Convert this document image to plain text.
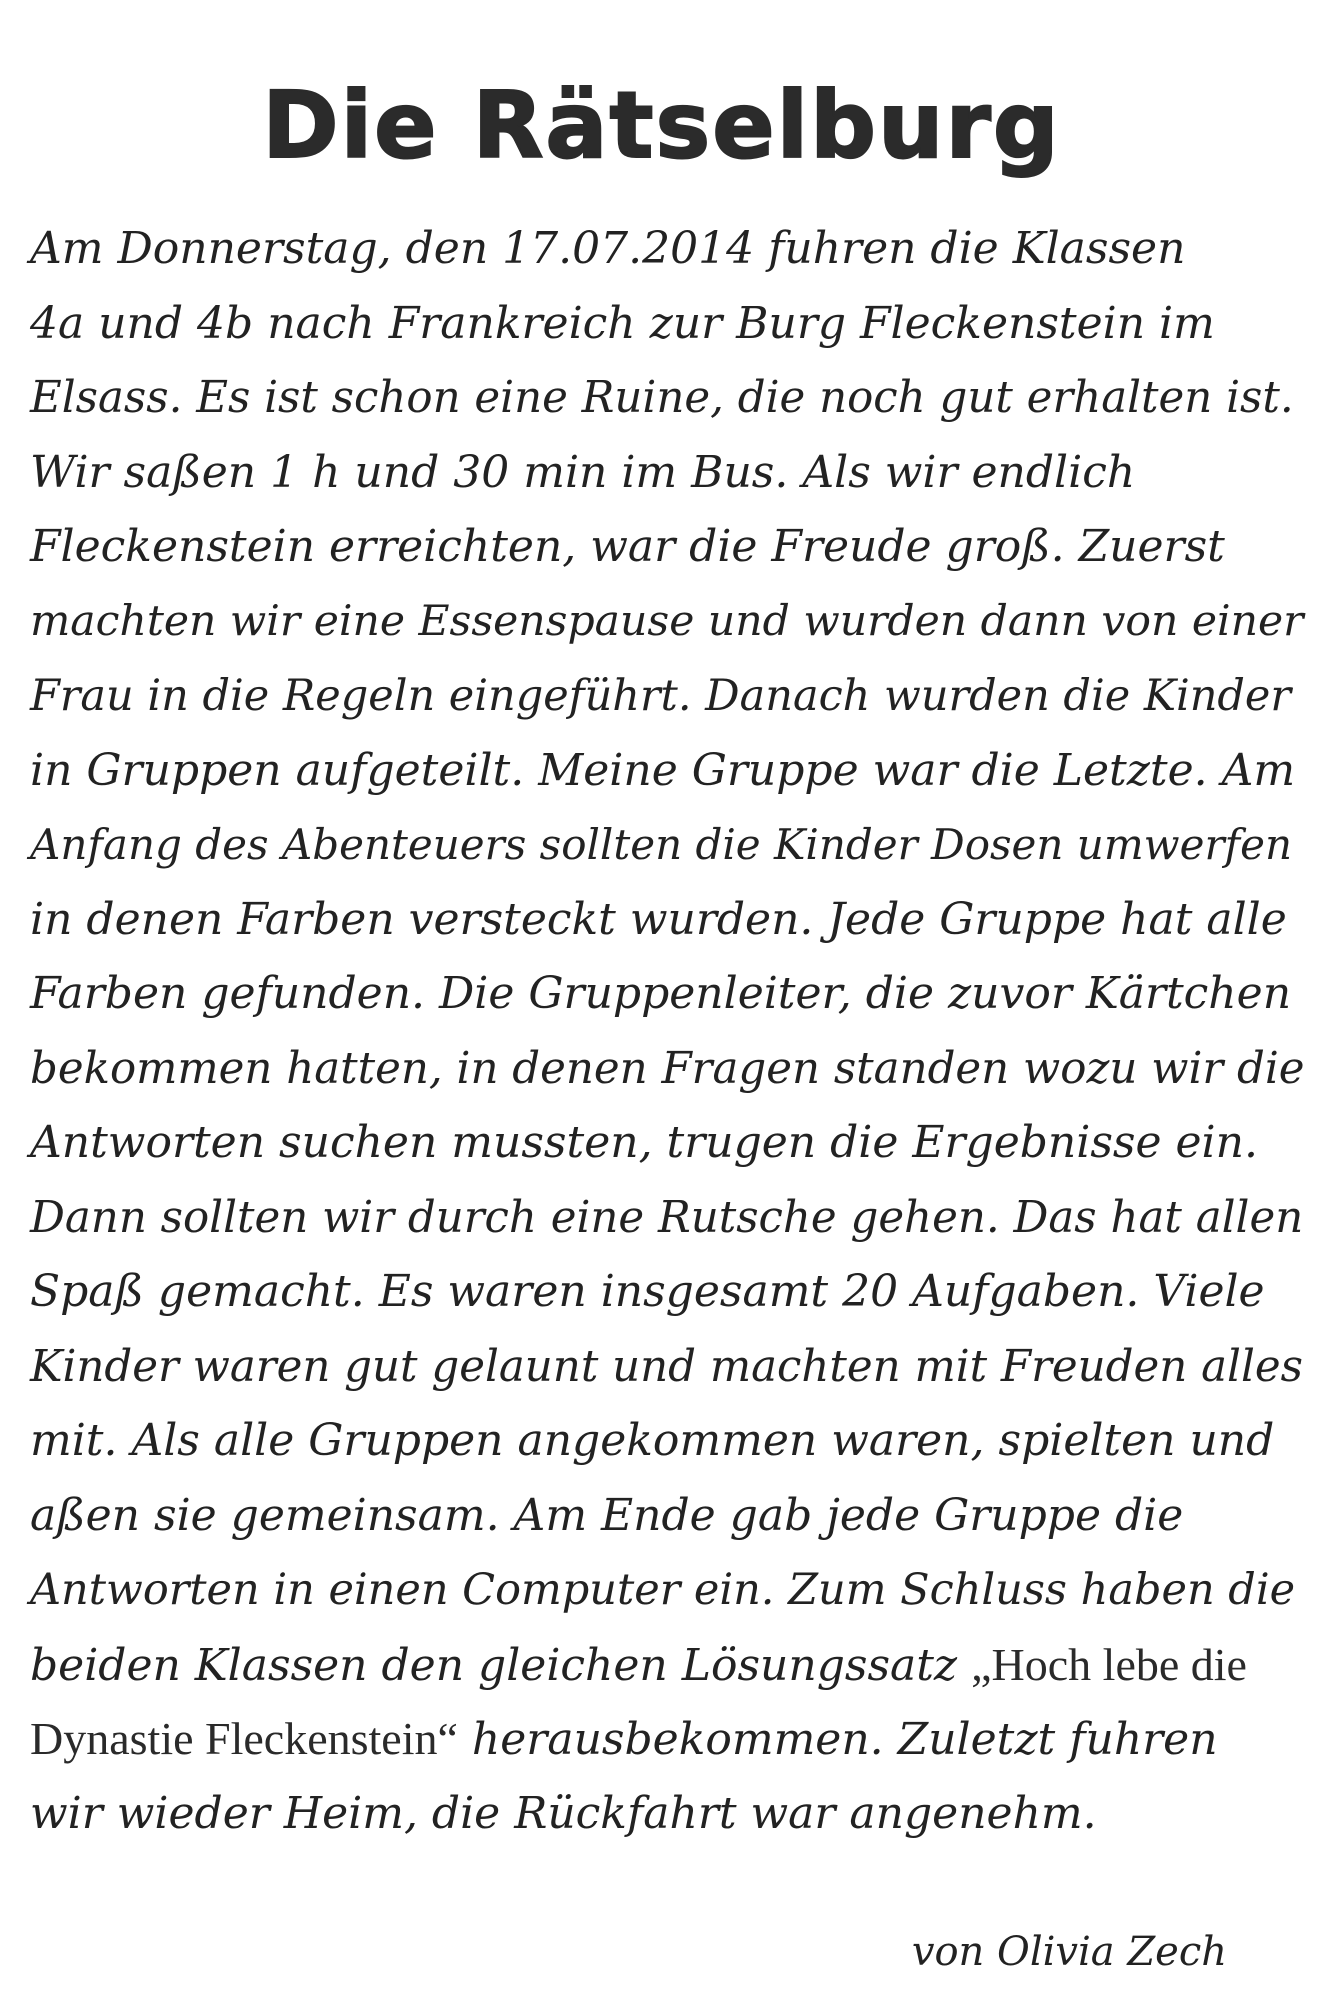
Die Rätselburg
Am Donnerstag, den 17.07.2014 fuhren die Klassen
4a und 4b nach Frankreich zur Burg Fleckenstein im
Elsass. Es ist schon eine Ruine, die noch gut erhalten ist.
Wir saßen 1 h und 30 min im Bus. Als wir endlich
Fleckenstein erreichten, war die Freude groß. Zuerst
machten wir eine Essenspause und wurden dann von einer
Frau in die Regeln eingeführt. Danach wurden die Kinder
in Gruppen aufgeteilt. Meine Gruppe war die Letzte. Am
Anfang des Abenteuers sollten die Kinder Dosen umwerfen
in denen Farben versteckt wurden. Jede Gruppe hat alle
Farben gefunden. Die Gruppenleiter, die zuvor Kärtchen
bekommen hatten, in denen Fragen standen wozu wir die
Antworten suchen mussten, trugen die Ergebnisse ein.
Dann sollten wir durch eine Rutsche gehen. Das hat allen
Spaß gemacht. Es waren insgesamt 20 Aufgaben. Viele
Kinder waren gut gelaunt und machten mit Freuden alles
mit. Als alle Gruppen angekommen waren, spielten und
aßen sie gemeinsam. Am Ende gab jede Gruppe die
Antworten in einen Computer ein. Zum Schluss haben die
beiden Klassen den gleichen Lösungssatz „Hoch lebe die
Dynastie Fleckenstein“ herausbekommen. Zuletzt fuhren
wir wieder Heim, die Rückfahrt war angenehm.
von Olivia Zech
